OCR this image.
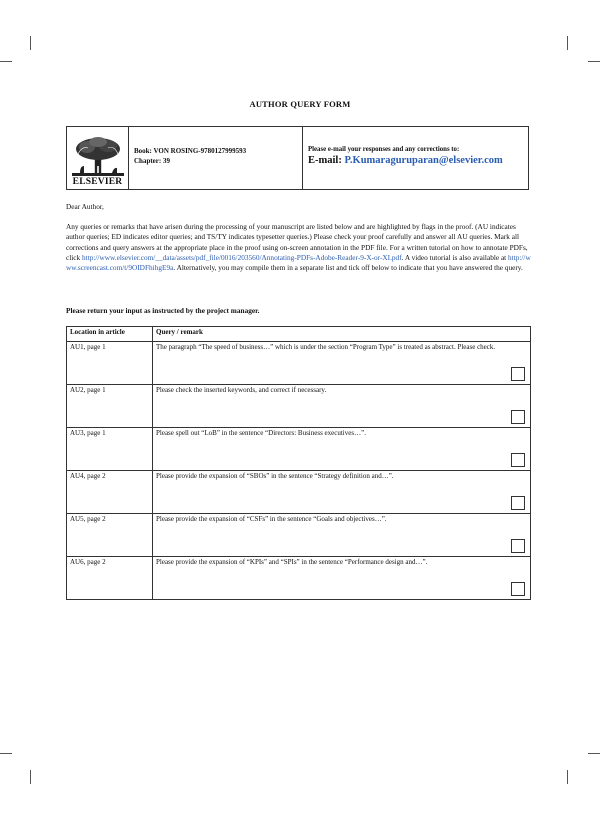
AUTHOR QUERY FORM
ELSEVIER
Book: VON ROSING-9780127999593
Chapter: 39
Please e-mail your responses and any corrections to:
E-mail: P.Kumaraguruparan@elsevier.com
Dear Author,
Any queries or remarks that have arisen during the processing of your manuscript are listed below and are highlighted by flags in the proof. (AU indicates author queries; ED indicates editor queries; and TS/TY indicates typesetter queries.) Please check your proof carefully and answer all AU queries. Mark all corrections and query answers at the appropriate place in the proof using on-screen annotation in the PDF file. For a written tutorial on how to annotate PDFs, click http://www.elsevier.com/__data/assets/pdf_file/0016/203560/Annotating-PDFs-Adobe-Reader-9-X-or-XI.pdf. A video tutorial is also available at http://www.screencast.com/t/9OIDFhihgE9a. Alternatively, you may compile them in a separate list and tick off below to indicate that you have answered the query.
Please return your input as instructed by the project manager.
Location in article	Query / remark
AU1, page 1	The paragraph “The speed of business…” which is under the section “Program Type” is treated as abstract. Please check.

AU2, page 1	Please check the inserted keywords, and correct if necessary.

AU3, page 1	Please spell out “LoB” in the sentence “Directors: Business executives…”.

AU4, page 2	Please provide the expansion of “SBOs” in the sentence “Strategy definition and…”.

AU5, page 2	Please provide the expansion of “CSFs” in the sentence “Goals and objectives…”.

AU6, page 2	Please provide the expansion of “KPIs” and “SPIs” in the sentence “Performance design and…”.
